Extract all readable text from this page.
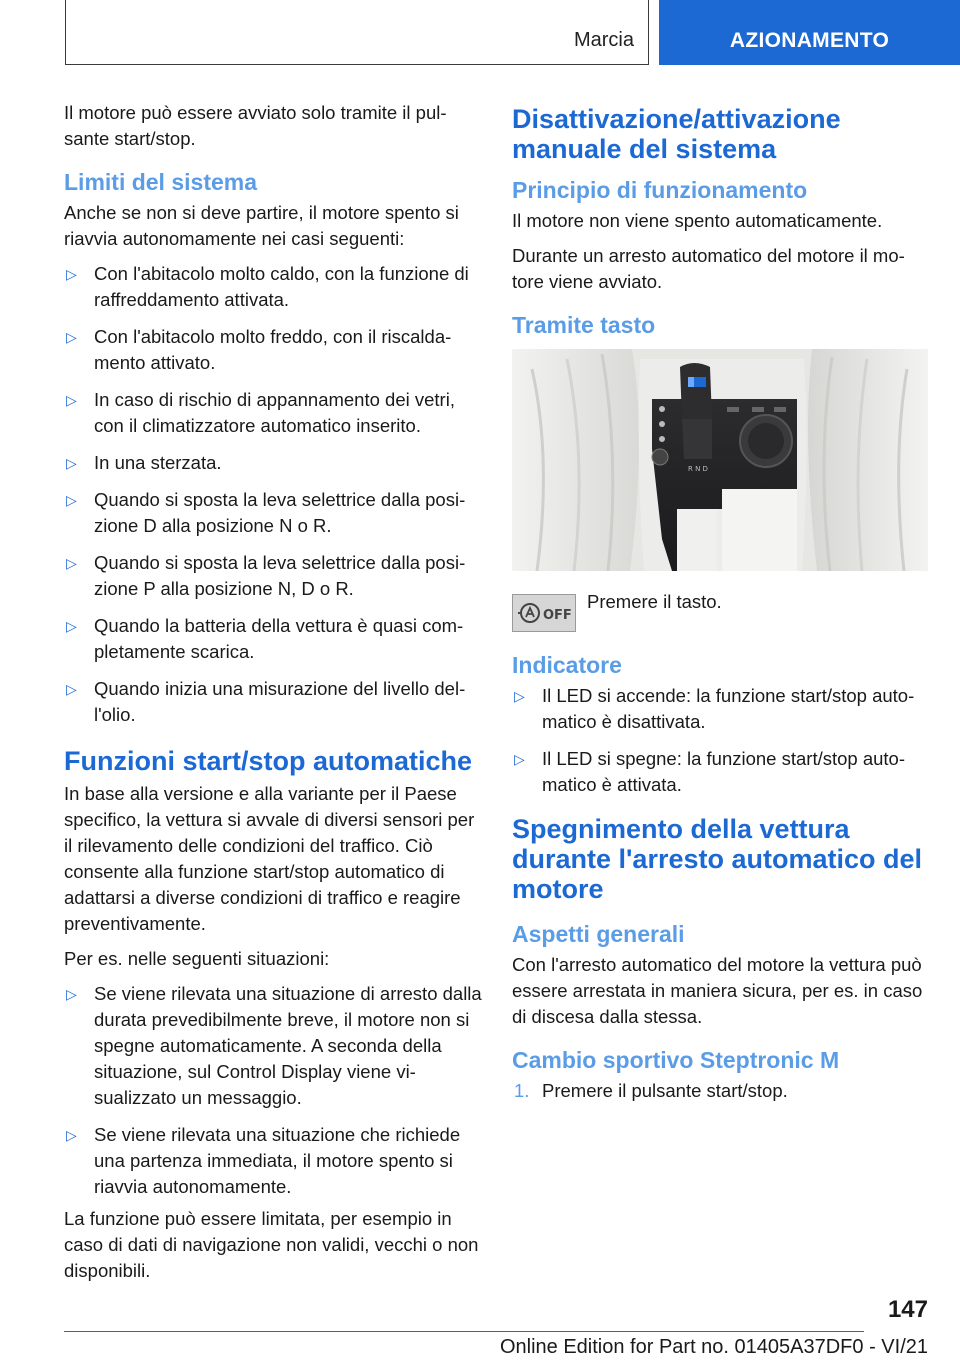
Marcia	AZIONAMENTO

Il motore può essere avviato solo tramite il pul-sante start/stop.

Limiti del sistema

Anche se non si deve partire, il motore spento si riavvia autonomamente nei casi seguenti:

▷ Con l'abitacolo molto caldo, con la funzione di raffreddamento attivata.
▷ Con l'abitacolo molto freddo, con il riscalda-mento attivato.
▷ In caso di rischio di appannamento dei vetri, con il climatizzatore automatico inserito.
▷ In una sterzata.
▷ Quando si sposta la leva selettrice dalla posi-zione D alla posizione N o R.
▷ Quando si sposta la leva selettrice dalla posi-zione P alla posizione N, D o R.
▷ Quando la batteria della vettura è quasi com-pletamente scarica.
▷ Quando inizia una misurazione del livello del-l'olio.
Funzioni start/stop automatiche

In base alla versione e alla variante per il Paese specifico, la vettura si avvale di diversi sensori per il rilevamento delle condizioni del traffico. Ciò consente alla funzione start/stop automatico di adattarsi a diverse condizioni di traffico e reagire preventivamente.

Per es. nelle seguenti situazioni:

▷ Se viene rilevata una situazione di arresto dalla durata prevedibilmente breve, il motore non si spegne automaticamente. A seconda della situazione, sul Control Display viene vi-sualizzato un messaggio.
▷ Se viene rilevata una situazione che richiede una partenza immediata, il motore spento si riavvia autonomamente.

La funzione può essere limitata, per esempio in caso di dati di navigazione non validi, vecchi o non disponibili.

Disattivazione/attivazione manuale del sistema
Principio di funzionamento

Il motore non viene spento automaticamente.

Durante un arresto automatico del motore il mo-tore viene avviato.

Tramite tasto
R N D
OFF
Premere il tasto.
Indicatore
▷ Il LED si accende: la funzione start/stop auto-matico è disattivata.
▷ Il LED si spegne: la funzione start/stop auto-matico è attivata.
Spegnimento della vettura durante l'arresto automatico del motore
Aspetti generali

Con l'arresto automatico del motore la vettura può essere arrestata in maniera sicura, per es. in caso di discesa dalla stessa.

Cambio sportivo Steptronic M
1. Premere il pulsante start/stop.
147
Online Edition for Part no. 01405A37DF0 - VI/21
